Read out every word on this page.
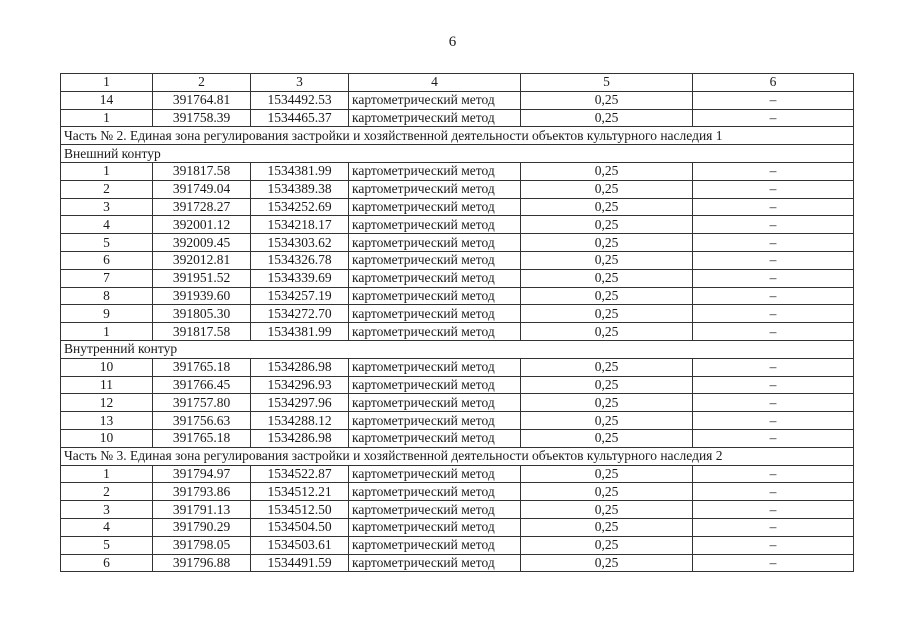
6
1	2	3	4	5	6
14	391764.81	1534492.53	картометрический метод	0,25	–
1	391758.39	1534465.37	картометрический метод	0,25	–
Часть № 2. Единая зона регулирования застройки и хозяйственной деятельности объектов культурного наследия 1					
Внешний контур					
1	391817.58	1534381.99	картометрический метод	0,25	–
2	391749.04	1534389.38	картометрический метод	0,25	–
3	391728.27	1534252.69	картометрический метод	0,25	–
4	392001.12	1534218.17	картометрический метод	0,25	–
5	392009.45	1534303.62	картометрический метод	0,25	–
6	392012.81	1534326.78	картометрический метод	0,25	–
7	391951.52	1534339.69	картометрический метод	0,25	–
8	391939.60	1534257.19	картометрический метод	0,25	–
9	391805.30	1534272.70	картометрический метод	0,25	–
1	391817.58	1534381.99	картометрический метод	0,25	–
Внутренний контур					
10	391765.18	1534286.98	картометрический метод	0,25	–
11	391766.45	1534296.93	картометрический метод	0,25	–
12	391757.80	1534297.96	картометрический метод	0,25	–
13	391756.63	1534288.12	картометрический метод	0,25	–
10	391765.18	1534286.98	картометрический метод	0,25	–
Часть № 3. Единая зона регулирования застройки и хозяйственной деятельности объектов культурного наследия 2					
1	391794.97	1534522.87	картометрический метод	0,25	–
2	391793.86	1534512.21	картометрический метод	0,25	–
3	391791.13	1534512.50	картометрический метод	0,25	–
4	391790.29	1534504.50	картометрический метод	0,25	–
5	391798.05	1534503.61	картометрический метод	0,25	–
6	391796.88	1534491.59	картометрический метод	0,25	–
